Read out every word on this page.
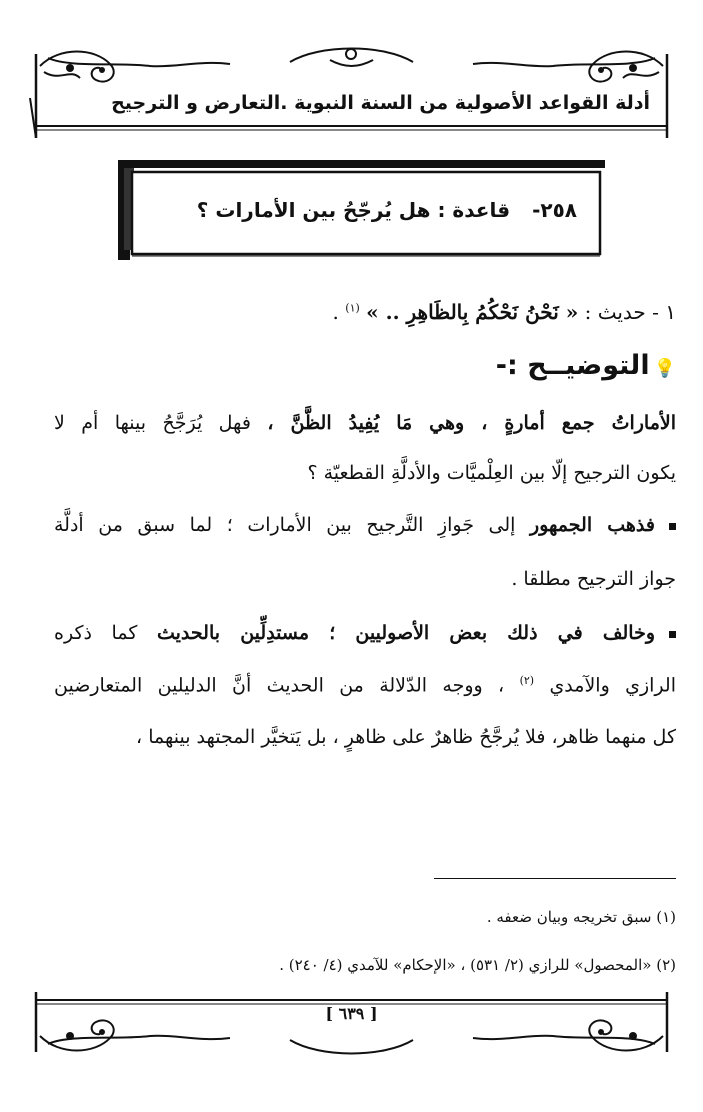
أدلة القواعد الأصولية من السنة النبوية .التعارض و الترجيح
٢٥٨-قاعدة : هل يُرجّحُ بين الأمارات ؟
١ - حديث : « نَحْنُ نَحْكُمُ بِالظَاهِرِ .. » $^{(١)}$ .
💡التوضيــح :-
الأماراتُ جمع أمارةٍ ، وهي مَا يُفِيدُ الظَّنَّ ، فهل يُرَجَّحُ بينها أم لا
يكون الترجيح إلّا بين العِلْميَّات والأدلَّةِ القطعيّة ؟
فذهب الجمهور إلى جَوازِ التَّرجيح بين الأمارات ؛ لما سبق من أدلَّة
جواز الترجيح مطلقا .
وخالف في ذلك بعض الأصوليين ؛ مستدِلِّين بالحديث كما ذكره
الرازي والآمدي $^{(٢)}$ ، ووجه الدّلالة من الحديث أنَّ الدليلين المتعارضين
كل منهما ظاهر، فلا يُرجَّحُ ظاهرٌ على ظاهرٍ ، بل يَتخيَّر المجتهد بينهما ،
(١) سبق تخريجه وبيان ضعفه .
(٢) «المحصول» للرازي (٢/ ٥٣١) ، «الإحكام» للآمدي (٤/ ٢٤٠) .
[ ٦٣٩ ]
